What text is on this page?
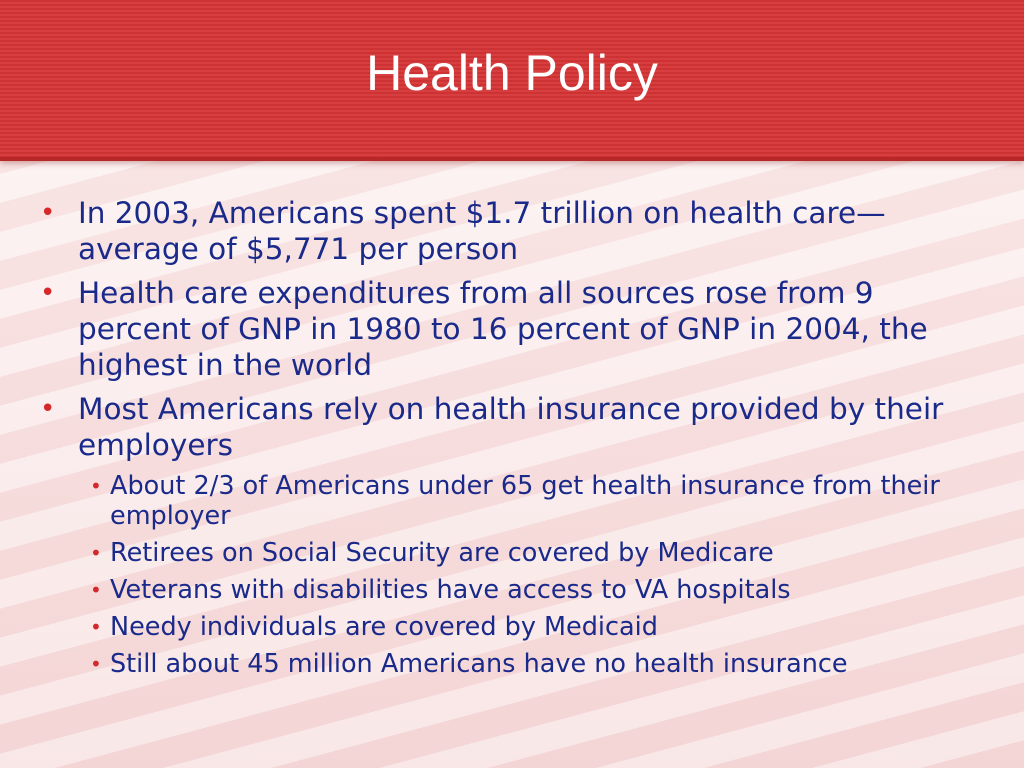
Health Policy
• In 2003, Americans spent $1.7 trillion on health care—average of $5,771 per person
• Health care expenditures from all sources rose from 9 percent of GNP in 1980 to 16 percent of GNP in 2004, the highest in the world
• Most Americans rely on health insurance provided by their employers
• About 2/3 of Americans under 65 get health insurance from their employer
• Retirees on Social Security are covered by Medicare
• Veterans with disabilities have access to VA hospitals
• Needy individuals are covered by Medicaid
• Still about 45 million Americans have no health insurance
